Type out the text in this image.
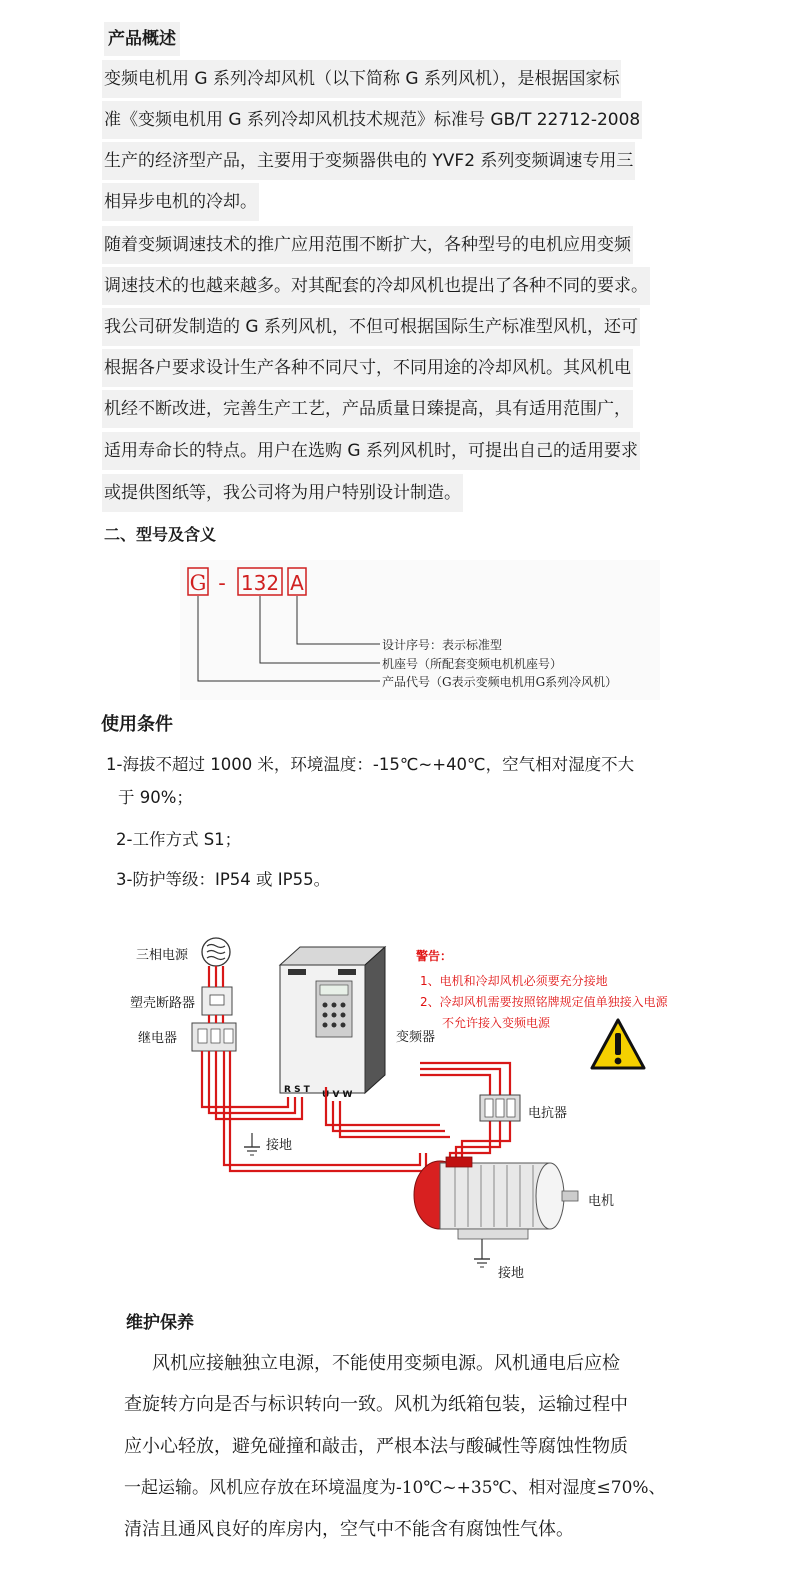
产品概述
变频电机用 G 系列冷却风机（以下简称 G 系列风机），是根据国家标
准《变频电机用 G 系列冷却风机技术规范》标准号 GB/T 22712-2008
生产的经济型产品，主要用于变频器供电的 YVF2 系列变频调速专用三
相异步电机的冷却。
随着变频调速技术的推广应用范围不断扩大，各种型号的电机应用变频
调速技术的也越来越多。对其配套的冷却风机也提出了各种不同的要求。
我公司研发制造的 G 系列风机，不但可根据国际生产标准型风机，还可
根据各户要求设计生产各种不同尺寸，不同用途的冷却风机。其风机电
机经不断改进，完善生产工艺，产品质量日臻提高，具有适用范围广，
适用寿命长的特点。用户在选购 G 系列风机时，可提出自己的适用要求
或提供图纸等，我公司将为用户特别设计制造。
二、型号及含义
G - 132 A
设计序号：表示标准型
机座号（所配套变频电机机座号）
产品代号（G表示变频电机用G系列冷风机）
使用条件
1-海拔不超过 1000 米，环境温度：-15℃~+40℃，空气相对湿度不大
于 90%；
2-工作方式 S1；
3-防护等级：IP54 或 IP55。
三相电源
塑壳断路器
继电器	变频器
R S T U V W
接地
电抗器
电机
接地
警告：
1、电机和冷却风机必须要充分接地
2、冷却风机需要按照铭牌规定值单独接入电源
不允许接入变频电源
维护保养
风机应接触独立电源，不能使用变频电源。风机通电后应检
查旋转方向是否与标识转向一致。风机为纸箱包装，运输过程中
应小心轻放，避免碰撞和敲击，严根本法与酸碱性等腐蚀性物质
一起运输。风机应存放在环境温度为-10℃~+35℃、相对湿度≤70%、
清洁且通风良好的库房内，空气中不能含有腐蚀性气体。
